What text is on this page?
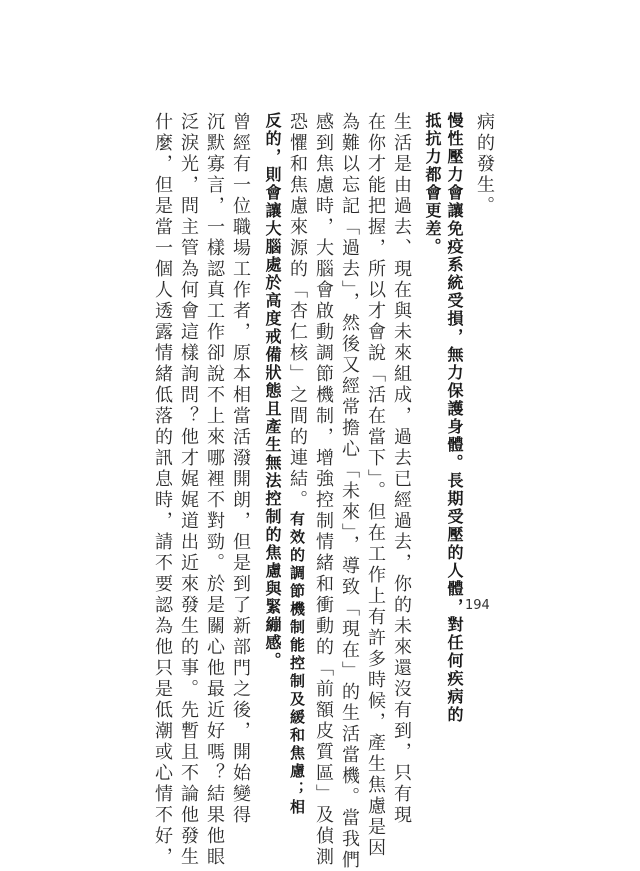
病的發生。

慢性壓力會讓免疫系統受損，無力保護身體。長期受壓的人體，對任何疾病的

抵抗力都會更差。

生活是由過去、現在與未來組成，過去已經過去，你的未來還沒有到，只有現

在你才能把握，所以才會說「活在當下」。但在工作上有許多時候，產生焦慮是因

為難以忘記「過去」，然後又經常擔心「未來」，導致「現在」的生活當機。當我們

感到焦慮時，大腦會啟動調節機制，增強控制情緒和衝動的「前額皮質區」及偵測

恐懼和焦慮來源的「杏仁核」之間的連結。有效的調節機制能控制及緩和焦慮；相

反的，則會讓大腦處於高度戒備狀態且產生無法控制的焦慮與緊繃感。

曾經有一位職場工作者，原本相當活潑開朗，但是到了新部門之後，開始變得

沉默寡言，一樣認真工作卻說不上來哪裡不對勁。於是關心他最近好嗎？結果他眼

泛淚光，問主管為何會這樣詢問？他才娓娓道出近來發生的事。先暫且不論他發生

什麼，但是當一個人透露情緒低落的訊息時，請不要認為他只是低潮或心情不好，	194
